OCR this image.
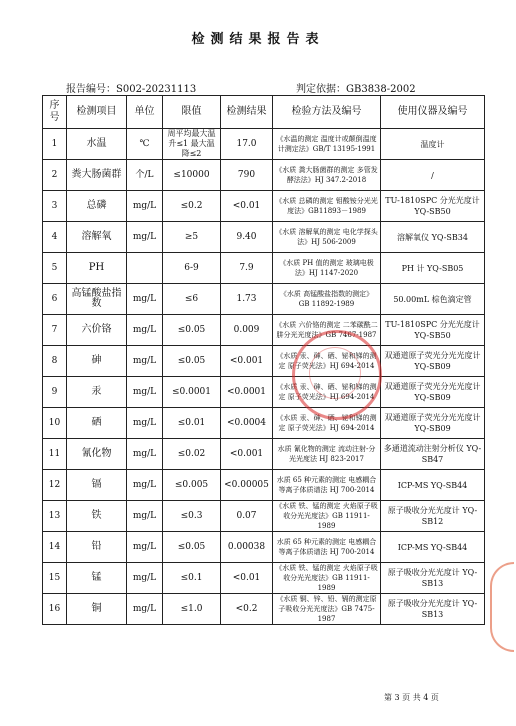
检测结果报告表
报告编号：S002-20231113	判定依据：GB3838-2002
序号	检测项目	单位	限值	检测结果	检验方法及编号	使用仪器及编号
1	水温	℃	周平均最大温升≤1 最大温降≤2	17.0	《水温的测定 温度计或颠倒温度计测定法》GB/T 13195-1991	温度计
2	粪大肠菌群	个/L	≤10000	790	《水质 粪大肠菌群的测定 多管发酵法法》HJ 347.2-2018	/
3	总磷	mg/L	≤0.2	<0.01	《水质 总磷的测定 钼酸铵分光光度法》GB11893－1989	TU-1810SPC 分光光度计 YQ-SB50
4	溶解氧	mg/L	≥5	9.40	《水质 溶解氧的测定 电化学探头法》HJ 506-2009	溶解氧仪 YQ-SB34
5	PH		6-9	7.9	《水质 PH 值的测定 玻璃电极法》HJ 1147-2020	PH 计 YQ-SB05
6	高锰酸盐指数	mg/L	≤6	1.73	《水质 高锰酸盐指数的测定》GB 11892-1989	50.00mL 棕色滴定管
7	六价铬	mg/L	≤0.05	0.009	《水质 六价铬的测定 二苯碳酰二肼分光光度法》GB 7467-1987	TU-1810SPC 分光光度计 YQ-SB50
8	砷	mg/L	≤0.05	<0.001	《水质 汞、砷、硒、铋和锑的测定 原子荧光法》HJ 694-2014	双通道原子荧光分光光度计 YQ-SB09
9	汞	mg/L	≤0.0001	<0.0001	《水质 汞、砷、硒、铋和锑的测定 原子荧光法》HJ 694-2014	双通道原子荧光分光光度计 YQ-SB09
10	硒	mg/L	≤0.01	<0.0004	《水质 汞、砷、硒、铋和锑的测定 原子荧光法》HJ 694-2014	双通道原子荧光分光光度计 YQ-SB09
11	氰化物	mg/L	≤0.02	<0.001	水质 氰化物的测定 流动注射-分光光度法 HJ 823-2017	多通道流动注射分析仪 YQ-SB47
12	镉	mg/L	≤0.005	<0.00005	水质 65 种元素的测定 电感耦合等离子体质谱法 HJ 700-2014	ICP-MS YQ-SB44
13	铁	mg/L	≤0.3	0.07	《水质 铁、锰的测定 火焰原子吸收分光光度法》GB 11911-1989	原子吸收分光光度计 YQ-SB12
14	铅	mg/L	≤0.05	0.00038	水质 65 种元素的测定 电感耦合等离子体质谱法 HJ 700-2014	ICP-MS YQ-SB44
15	锰	mg/L	≤0.1	<0.01	《水质 铁、锰的测定 火焰原子吸收分光光度法》GB 11911-1989	原子吸收分光光度计 YQ-SB13
16	铜	mg/L	≤1.0	<0.2	《水质 铜、锌、铅、镉的测定原子吸收分光光度法》GB 7475-1987	原子吸收分光光度计 YQ-SB13
第 3 页 共 4 页
